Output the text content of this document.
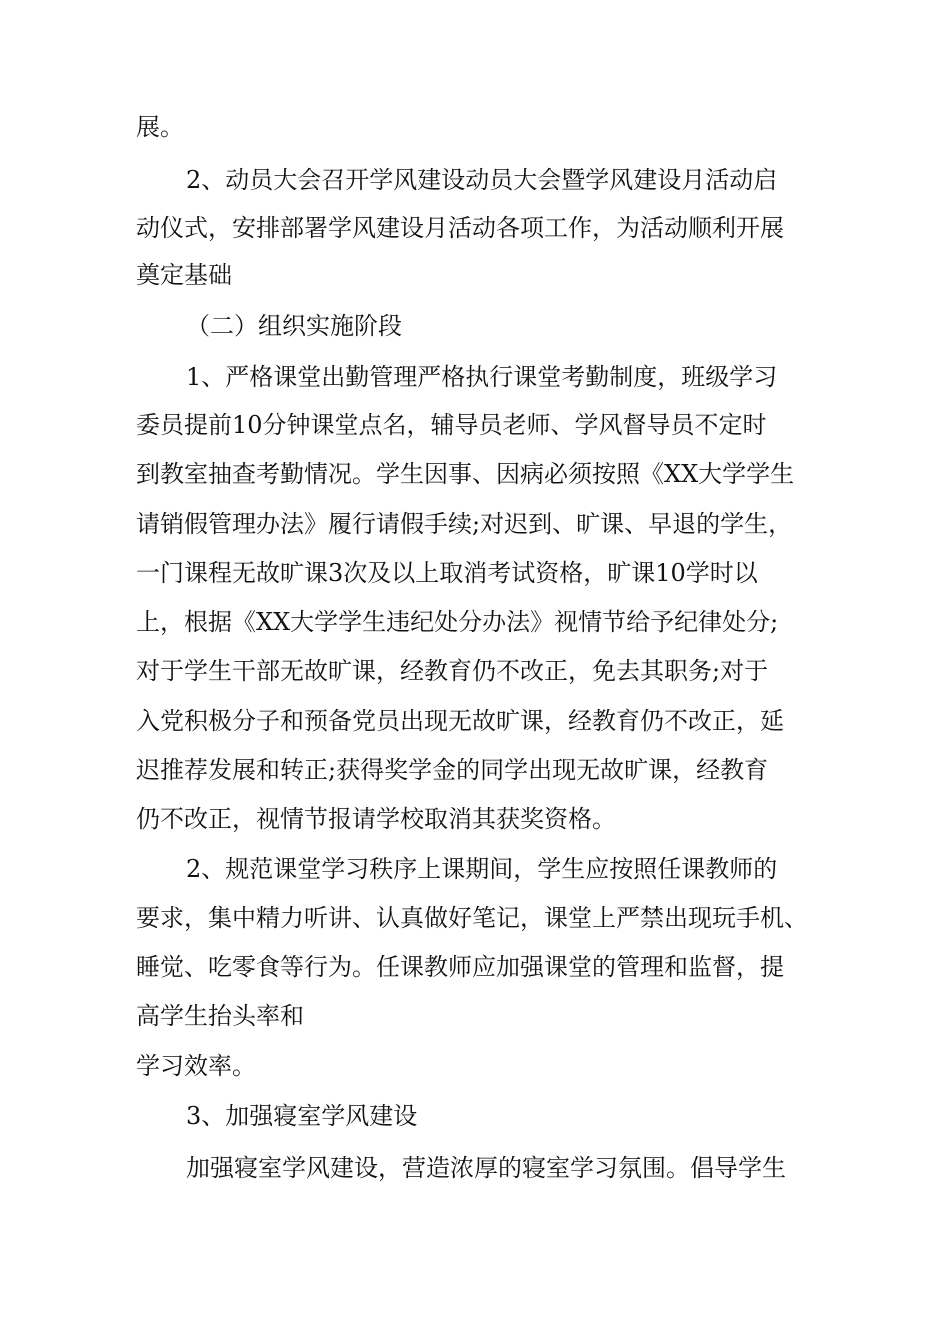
展。

2、动员大会召开学风建设动员大会暨学风建设月活动启

动仪式，安排部署学风建设月活动各项工作，为活动顺利开展

奠定基础

（二）组织实施阶段

1、严格课堂出勤管理严格执行课堂考勤制度，班级学习

委员提前10分钟课堂点名，辅导员老师、学风督导员不定时

到教室抽查考勤情况。学生因事、因病必须按照《XX大学学生

请销假管理办法》履行请假手续;对迟到、旷课、早退的学生，

一门课程无故旷课3次及以上取消考试资格，旷课10学时以

上，根据《XX大学学生违纪处分办法》视情节给予纪律处分;

对于学生干部无故旷课，经教育仍不改正，免去其职务;对于

入党积极分子和预备党员出现无故旷课，经教育仍不改正，延

迟推荐发展和转正;获得奖学金的同学出现无故旷课，经教育

仍不改正，视情节报请学校取消其获奖资格。

2、规范课堂学习秩序上课期间，学生应按照任课教师的

要求，集中精力听讲、认真做好笔记，课堂上严禁出现玩手机、

睡觉、吃零食等行为。任课教师应加强课堂的管理和监督，提

高学生抬头率和

学习效率。

3、加强寝室学风建设

加强寝室学风建设，营造浓厚的寝室学习氛围。倡导学生
